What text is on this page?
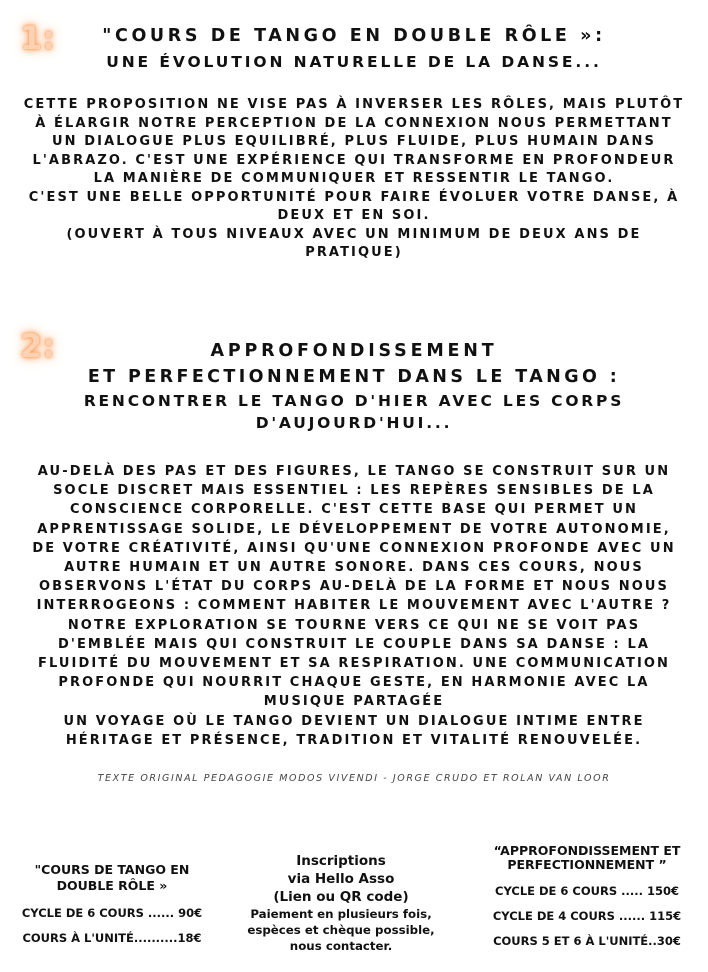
1:	"COURS DE TANGO EN DOUBLE RÔLE »:
UNE ÉVOLUTION NATURELLE DE LA DANSE...
CETTE PROPOSITION NE VISE PAS À INVERSER LES RÔLES, MAIS PLUTÔT
À ÉLARGIR NOTRE PERCEPTION DE LA CONNEXION NOUS PERMETTANT
UN DIALOGUE PLUS EQUILIBRÉ, PLUS FLUIDE, PLUS HUMAIN DANS
L'ABRAZO. C'EST UNE EXPÉRIENCE QUI TRANSFORME EN PROFONDEUR
LA MANIÈRE DE COMMUNIQUER ET RESSENTIR LE TANGO.
C'EST UNE BELLE OPPORTUNITÉ POUR FAIRE ÉVOLUER VOTRE DANSE, À
DEUX ET EN SOI.
(OUVERT À TOUS NIVEAUX AVEC UN MINIMUM DE DEUX ANS DE
PRATIQUE)
2:	APPROFONDISSEMENT
ET PERFECTIONNEMENT DANS LE TANGO :
RENCONTRER LE TANGO D'HIER AVEC LES CORPS
D'AUJOURD'HUI...
AU-DELÀ DES PAS ET DES FIGURES, LE TANGO SE CONSTRUIT SUR UN
SOCLE DISCRET MAIS ESSENTIEL : LES REPÈRES SENSIBLES DE LA
CONSCIENCE CORPORELLE. C'EST CETTE BASE QUI PERMET UN
APPRENTISSAGE SOLIDE, LE DÉVELOPPEMENT DE VOTRE AUTONOMIE,
DE VOTRE CRÉATIVITÉ, AINSI QU'UNE CONNEXION PROFONDE AVEC UN
AUTRE HUMAIN ET UN AUTRE SONORE. DANS CES COURS, NOUS
OBSERVONS L'ÉTAT DU CORPS AU-DELÀ DE LA FORME ET NOUS NOUS
INTERROGEONS : COMMENT HABITER LE MOUVEMENT AVEC L'AUTRE ?
NOTRE EXPLORATION SE TOURNE VERS CE QUI NE SE VOIT PAS
D'EMBLÉE MAIS QUI CONSTRUIT LE COUPLE DANS SA DANSE : LA
FLUIDITÉ DU MOUVEMENT ET SA RESPIRATION. UNE COMMUNICATION
PROFONDE QUI NOURRIT CHAQUE GESTE, EN HARMONIE AVEC LA
MUSIQUE PARTAGÉE
UN VOYAGE OÙ LE TANGO DEVIENT UN DIALOGUE INTIME ENTRE
HÉRITAGE ET PRÉSENCE, TRADITION ET VITALITÉ RENOUVELÉE.
TEXTE ORIGINAL PEDAGOGIE MODOS VIVENDI - JORGE CRUDO ET ROLAN VAN LOOR
"COURS DE TANGO EN
DOUBLE RÔLE »
CYCLE DE 6 COURS ...... 90€
COURS À L'UNITÉ..........18€
Inscriptions
via Hello Asso
(Lien ou QR code)
Paiement en plusieurs fois,
espèces et chèque possible,
nous contacter.
“APPROFONDISSEMENT ET
PERFECTIONNEMENT ”
CYCLE DE 6 COURS ..... 150€
CYCLE DE 4 COURS ...... 115€
COURS 5 ET 6 À L'UNITÉ..30€
